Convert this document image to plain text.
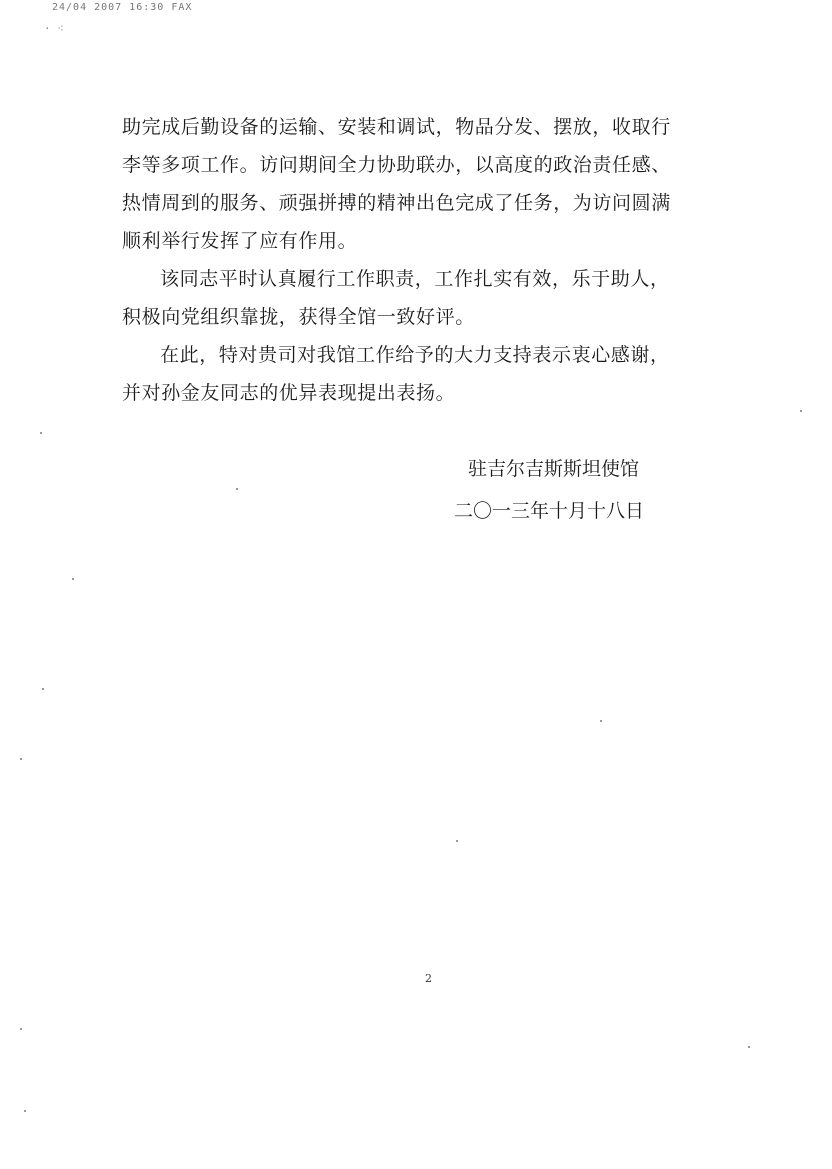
24/04 2007 16:30 FAX
· ⁖
助完成后勤设备的运输、安装和调试，物品分发、摆放，收取行
李等多项工作。访问期间全力协助联办，以高度的政治责任感、
热情周到的服务、顽强拼搏的精神出色完成了任务，为访问圆满
顺利举行发挥了应有作用。
该同志平时认真履行工作职责，工作扎实有效，乐于助人，
积极向党组织靠拢，获得全馆一致好评。
在此，特对贵司对我馆工作给予的大力支持表示衷心感谢，
并对孙金友同志的优异表现提出表扬。
驻吉尔吉斯斯坦使馆
二〇一三年十月十八日
2
